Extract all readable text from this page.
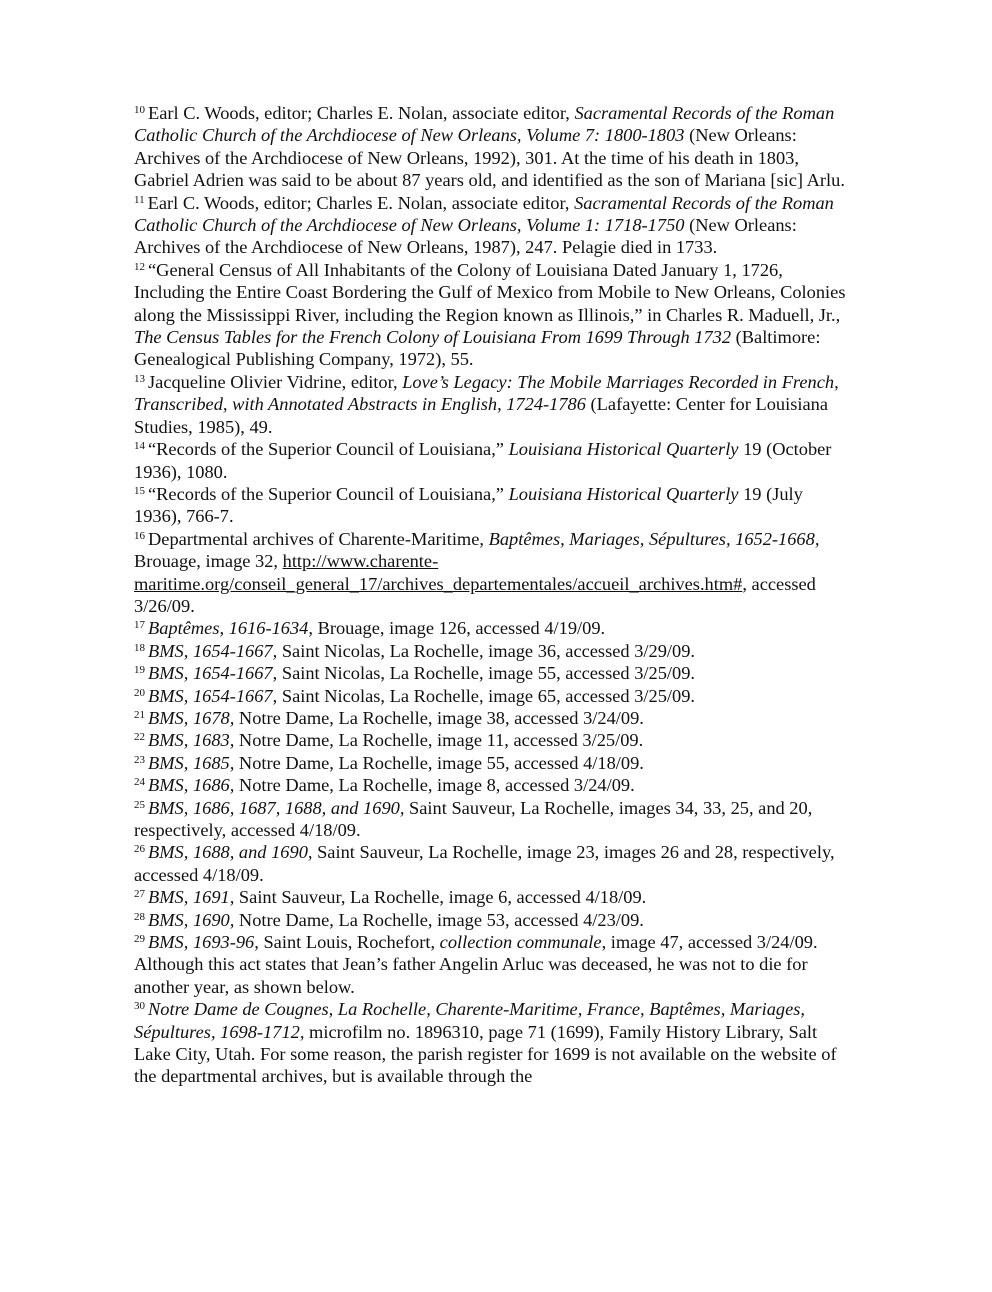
$^{10}$ Earl C. Woods, editor; Charles E. Nolan, associate editor, Sacramental Records of the Roman Catholic Church of the Archdiocese of New Orleans, Volume 7: 1800-1803 (New Orleans: Archives of the Archdiocese of New Orleans, 1992), 301. At the time of his death in 1803, Gabriel Adrien was said to be about 87 years old, and identified as the son of Mariana [sic] Arlu.

$^{11}$ Earl C. Woods, editor; Charles E. Nolan, associate editor, Sacramental Records of the Roman Catholic Church of the Archdiocese of New Orleans, Volume 1: 1718-1750 (New Orleans: Archives of the Archdiocese of New Orleans, 1987), 247. Pelagie died in 1733.

$^{12}$ “General Census of All Inhabitants of the Colony of Louisiana Dated January 1, 1726, Including the Entire Coast Bordering the Gulf of Mexico from Mobile to New Orleans, Colonies along the Mississippi River, including the Region known as Illinois,” in Charles R. Maduell, Jr., The Census Tables for the French Colony of Louisiana From 1699 Through 1732 (Baltimore: Genealogical Publishing Company, 1972), 55.

$^{13}$ Jacqueline Olivier Vidrine, editor, Love’s Legacy: The Mobile Marriages Recorded in French, Transcribed, with Annotated Abstracts in English, 1724-1786 (Lafayette: Center for Louisiana Studies, 1985), 49.

$^{14}$ “Records of the Superior Council of Louisiana,” Louisiana Historical Quarterly 19 (October 1936), 1080.

$^{15}$ “Records of the Superior Council of Louisiana,” Louisiana Historical Quarterly 19 (July 1936), 766-7.

$^{16}$ Departmental archives of Charente-Maritime, Baptêmes, Mariages, Sépultures, 1652-1668, Brouage, image 32, http://www.charente-maritime.org/conseil_general_17/archives_departementales/accueil_archives.htm#, accessed 3/26/09.

$^{17}$ Baptêmes, 1616-1634, Brouage, image 126, accessed 4/19/09.

$^{18}$ BMS, 1654-1667, Saint Nicolas, La Rochelle, image 36, accessed 3/29/09.

$^{19}$ BMS, 1654-1667, Saint Nicolas, La Rochelle, image 55, accessed 3/25/09.

$^{20}$ BMS, 1654-1667, Saint Nicolas, La Rochelle, image 65, accessed 3/25/09.

$^{21}$ BMS, 1678, Notre Dame, La Rochelle, image 38, accessed 3/24/09.

$^{22}$ BMS, 1683, Notre Dame, La Rochelle, image 11, accessed 3/25/09.

$^{23}$ BMS, 1685, Notre Dame, La Rochelle, image 55, accessed 4/18/09.

$^{24}$ BMS, 1686, Notre Dame, La Rochelle, image 8, accessed 3/24/09.

$^{25}$ BMS, 1686, 1687, 1688, and 1690, Saint Sauveur, La Rochelle, images 34, 33, 25, and 20, respectively, accessed 4/18/09.

$^{26}$ BMS, 1688, and 1690, Saint Sauveur, La Rochelle, image 23, images 26 and 28, respectively, accessed 4/18/09.

$^{27}$ BMS, 1691, Saint Sauveur, La Rochelle, image 6, accessed 4/18/09.

$^{28}$ BMS, 1690, Notre Dame, La Rochelle, image 53, accessed 4/23/09.

$^{29}$ BMS, 1693-96, Saint Louis, Rochefort, collection communale, image 47, accessed 3/24/09. Although this act states that Jean’s father Angelin Arluc was deceased, he was not to die for another year, as shown below.

$^{30}$ Notre Dame de Cougnes, La Rochelle, Charente-Maritime, France, Baptêmes, Mariages, Sépultures, 1698-1712, microfilm no. 1896310, page 71 (1699), Family History Library, Salt Lake City, Utah. For some reason, the parish register for 1699 is not available on the website of the departmental archives, but is available through the
